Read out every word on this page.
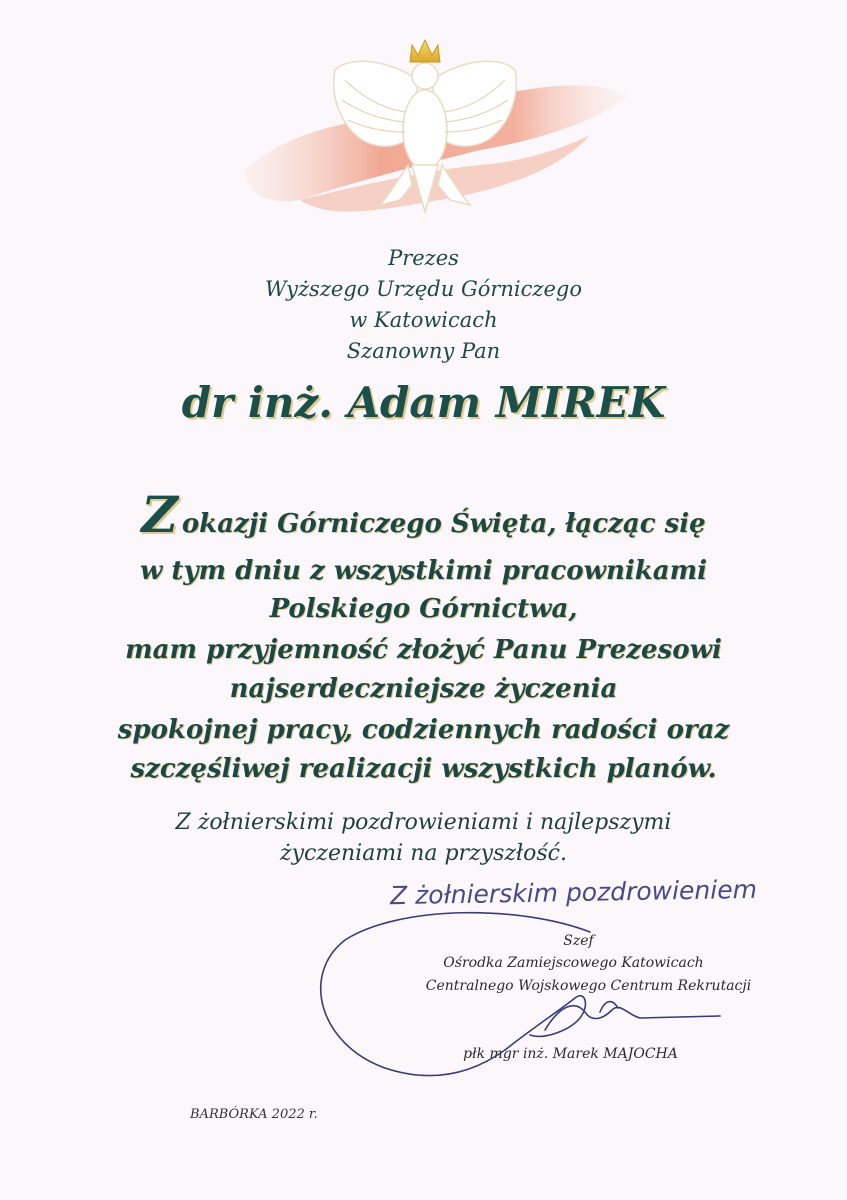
Prezes
Wyższego Urzędu Górniczego
w Katowicach
Szanowny Pan
dr inż. Adam MIREK
Zokazji Górniczego Święta, łącząc się
w tym dniu z wszystkimi pracownikami
Polskiego Górnictwa,
mam przyjemność złożyć Panu Prezesowi
najserdeczniejsze życzenia
spokojnej pracy, codziennych radości oraz
szczęśliwej realizacji wszystkich planów.
Z żołnierskimi pozdrowieniami i najlepszymi
życzeniami na przyszłość.
Z żołnierskim pozdrowieniem
Szef
Ośrodka Zamiejscowego Katowicach
Centralnego Wojskowego Centrum Rekrutacji
płk mgr inż. Marek MAJOCHA
BARBÓRKA 2022 r.
